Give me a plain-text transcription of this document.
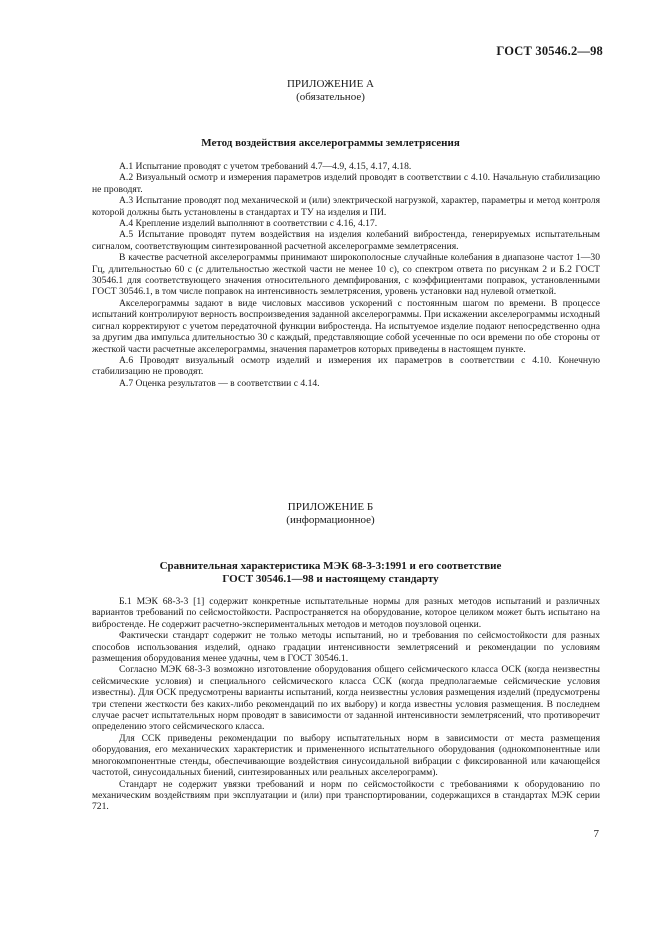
ГОСТ 30546.2—98
ПРИЛОЖЕНИЕ А
(обязательное)
Метод воздействия акселерограммы землетрясения

А.1 Испытание проводят с учетом требований 4.7—4.9, 4.15, 4.17, 4.18.

А.2 Визуальный осмотр и измерения параметров изделий проводят в соответствии с 4.10. Начальную стабилизацию не проводят.

А.3 Испытание проводят под механической и (или) электрической нагрузкой, характер, параметры и метод контроля которой должны быть установлены в стандартах и ТУ на изделия и ПИ.

А.4 Крепление изделий выполняют в соответствии с 4.16, 4.17.

А.5 Испытание проводят путем воздействия на изделия колебаний вибростенда, генерируемых испытательным сигналом, соответствующим синтезированной расчетной акселерограмме землетрясения.

В качестве расчетной акселерограммы принимают широкополосные случайные колебания в диапазоне частот 1—30 Гц, длительностью 60 с (с длительностью жесткой части не менее 10 с), со спектром ответа по рисункам 2 и Б.2 ГОСТ 30546.1 для соответствующего значения относительного демпфирования, с коэффициентами поправок, установленными ГОСТ 30546.1, в том числе поправок на интенсивность землетрясения, уровень установки над нулевой отметкой.

Акселерограммы задают в виде числовых массивов ускорений с постоянным шагом по времени. В процессе испытаний контролируют верность воспроизведения заданной акселерограммы. При искажении акселерограммы исходный сигнал корректируют с учетом передаточной функции вибростенда. На испытуемое изделие подают непосредственно одна за другим два импульса длительностью 30 с каждый, представляющие собой усеченные по оси времени по обе стороны от жесткой части расчетные акселерограммы, значения параметров которых приведены в настоящем пункте.

А.6 Проводят визуальный осмотр изделий и измерения их параметров в соответствии с 4.10. Конечную стабилизацию не проводят.

А.7 Оценка результатов — в соответствии с 4.14.

ПРИЛОЖЕНИЕ Б
(информационное)
Сравнительная характеристика МЭК 68-3-3:1991 и его соответствие
ГОСТ 30546.1—98 и настоящему стандарту

Б.1 МЭК 68-3-3 [1] содержит конкретные испытательные нормы для разных методов испытаний и различных вариантов требований по сейсмостойкости. Распространяется на оборудование, которое целиком может быть испытано на вибростенде. Не содержит расчетно-экспериментальных методов и методов поузловой оценки.

Фактически стандарт содержит не только методы испытаний, но и требования по сейсмостойкости для разных способов использования изделий, однако градации интенсивности землетрясений и рекомендации по условиям размещения оборудования менее удачны, чем в ГОСТ 30546.1.

Согласно МЭК 68-3-3 возможно изготовление оборудования общего сейсмического класса ОСК (когда неизвестны сейсмические условия) и специального сейсмического класса ССК (когда предполагаемые сейсмические условия известны). Для ОСК предусмотрены варианты испытаний, когда неизвестны условия размещения изделий (предусмотрены три степени жесткости без каких-либо рекомендаций по их выбору) и когда известны условия размещения. В последнем случае расчет испытательных норм проводят в зависимости от заданной интенсивности землетрясений, что противоречит определению этого сейсмического класса.

Для ССК приведены рекомендации по выбору испытательных норм в зависимости от места размещения оборудования, его механических характеристик и примененного испытательного оборудования (однокомпонентные или многокомпонентные стенды, обеспечивающие воздействия синусоидальной вибрации с фиксированной или качающейся частотой, синусоидальных биений, синтезированных или реальных акселерограмм).

Стандарт не содержит увязки требований и норм по сейсмостойкости с требованиями к оборудованию по механическим воздействиям при эксплуатации и (или) при транспортировании, содержащихся в стандартах МЭК серии 721.

7
